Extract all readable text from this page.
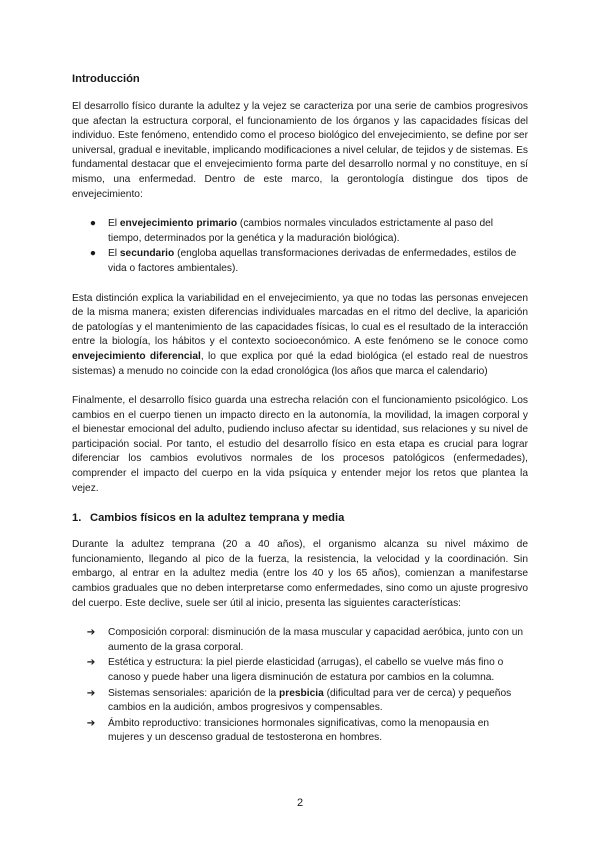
Introducción

El desarrollo físico durante la adultez y la vejez se caracteriza por una serie de cambios progresivos que afectan la estructura corporal, el funcionamiento de los órganos y las capacidades físicas del individuo. Este fenómeno, entendido como el proceso biológico del envejecimiento, se define por ser universal, gradual e inevitable, implicando modificaciones a nivel celular, de tejidos y de sistemas. Es fundamental destacar que el envejecimiento forma parte del desarrollo normal y no constituye, en sí mismo, una enfermedad. Dentro de este marco, la gerontología distingue dos tipos de envejecimiento:

●	El envejecimiento primario (cambios normales vinculados estrictamente al paso del tiempo, determinados por la genética y la maduración biológica).
●	El secundario (engloba aquellas transformaciones derivadas de enfermedades, estilos de vida o factores ambientales).

Esta distinción explica la variabilidad en el envejecimiento, ya que no todas las personas envejecen de la misma manera; existen diferencias individuales marcadas en el ritmo del declive, la aparición de patologías y el mantenimiento de las capacidades físicas, lo cual es el resultado de la interacción entre la biología, los hábitos y el contexto socioeconómico. A este fenómeno se le conoce como envejecimiento diferencial, lo que explica por qué la edad biológica (el estado real de nuestros sistemas) a menudo no coincide con la edad cronológica (los años que marca el calendario)

Finalmente, el desarrollo físico guarda una estrecha relación con el funcionamiento psicológico. Los cambios en el cuerpo tienen un impacto directo en la autonomía, la movilidad, la imagen corporal y el bienestar emocional del adulto, pudiendo incluso afectar su identidad, sus relaciones y su nivel de participación social. Por tanto, el estudio del desarrollo físico en esta etapa es crucial para lograr diferenciar los cambios evolutivos normales de los procesos patológicos (enfermedades), comprender el impacto del cuerpo en la vida psíquica y entender mejor los retos que plantea la vejez.

1. Cambios físicos en la adultez temprana y media

Durante la adultez temprana (20 a 40 años), el organismo alcanza su nivel máximo de funcionamiento, llegando al pico de la fuerza, la resistencia, la velocidad y la coordinación. Sin embargo, al entrar en la adultez media (entre los 40 y los 65 años), comienzan a manifestarse cambios graduales que no deben interpretarse como enfermedades, sino como un ajuste progresivo del cuerpo. Este declive, suele ser útil al inicio, presenta las siguientes características:

➔ Composición corporal: disminución de la masa muscular y capacidad aeróbica, junto con un aumento de la grasa corporal.
➔ Estética y estructura: la piel pierde elasticidad (arrugas), el cabello se vuelve más fino o canoso y puede haber una ligera disminución de estatura por cambios en la columna.
➔ Sistemas sensoriales: aparición de la presbicia (dificultad para ver de cerca) y pequeños cambios en la audición, ambos progresivos y compensables.
➔ Ámbito reproductivo: transiciones hormonales significativas, como la menopausia en mujeres y un descenso gradual de testosterona en hombres.
2
